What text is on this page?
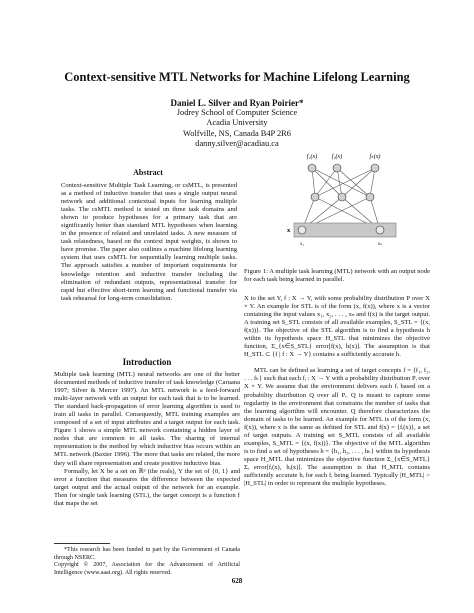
Context-sensitive MTL Networks for Machine Lifelong Learning
Daniel L. Silver and Ryan Poirier*
Jodrey School of Computer Science
Acadia University
Wolfville, NS, Canada B4P 2R6
danny.silver@acadiau.ca
Abstract

Context-sensitive Multiple Task Learning, or csMTL, is presented as a method of inductive transfer that uses a single output neural network and additional contextual inputs for learning multiple tasks. The csMTL method is tested on three task domains and shown to produce hypotheses for a primary task that are significantly better than standard MTL hypotheses when learning in the presence of related and unrelated tasks. A new measure of task relatedness, based on the context input weights, is shown to have promise. The paper also outlines a machine lifelong learning system that uses csMTL for sequentially learning multiple tasks. The approach satisfies a number of important requirements for knowledge retention and inductive transfer including the elimination of redundant outputs, representational transfer for rapid but effective short-term learning and functional transfer via task rehearsal for long-term consolidation.

Introduction

Multiple task learning (MTL) neural networks are one of the better documented methods of inductive transfer of task knowledge (Caruana 1997; Silver & Mercer 1997). An MTL network is a feed-forward multi-layer network with an output for each task that is to be learned. The standard back-propagation of error learning algorithm is used to train all tasks in parallel. Consequently, MTL training examples are composed of a set of input attributes and a target output for each task. Figure 1 shows a simple MTL network containing a hidden layer of nodes that are common to all tasks. The sharing of internal representation is the method by which inductive bias occurs within an MTL network (Baxter 1996). The more that tasks are related, the more they will share representation and create positive inductive bias.

Formally, let X be a set on ℝⁿ (the reals), Y the set of {0, 1} and error a function that measures the difference between the expected target output and the actual output of the network for an example. Then for single task learning (STL), the target concept is a function f that maps the set

*This research has been funded in part by the Government of Canada through NSERC.

Copyright © 2007, Association for the Advancement of Artificial Intelligence (www.aaai.org). All rights reserved.

f₁(x) f₂(x)	fₖ(x)
x
x₁	xₙ

Figure 1: A multiple task learning (MTL) network with an output node for each task being learned in parallel.

X to the set Y, f : X → Y, with some probability distribution P over X × Y. An example for STL is of the form (x, f(x)), where x is a vector containing the input values x₁, x₂, . . . , xₙ and f(x) is the target output. A training set S_STL consists of all available examples, S_STL = {(x, f(x))}. The objective of the STL algorithm is to find a hypothesis h within its hypothesis space H_STL that minimizes the objective function, Σ_{x∈S_STL} error[f(x), h(x)]. The assumption is that H_STL ⊂ {f | f : X → Y} contains a sufficiently accurate h.

MTL can be defined as learning a set of target concepts f = {f₁, f₂, . . . fₖ} such that each fᵢ : X → Y with a probability distribution Pᵢ over X × Y. We assume that the environment delivers each fᵢ based on a probability distribution Q over all Pᵢ. Q is meant to capture some regularity in the environment that constrains the number of tasks that the learning algorithm will encounter. Q therefore characterizes the domain of tasks to be learned. An example for MTL is of the form (x, f(x)), where x is the same as defined for STL and f(x) = {fᵢ(x)}, a set of target outputs. A training set S_MTL consists of all available examples, S_MTL = {(x, f(x))}. The objective of the MTL algorithm is to find a set of hypotheses h = {h₁, h₂, . . . , hₖ} within its hypothesis space H_MTL that minimizes the objective function Σ_{x∈S_MTL} Σᵢ error[fᵢ(x), hᵢ(x)]. The assumption is that H_MTL contains sufficiently accurate hᵢ for each fᵢ being learned. Typically |H_MTL| > |H_STL| in order to represent the multiple hypotheses.

628
